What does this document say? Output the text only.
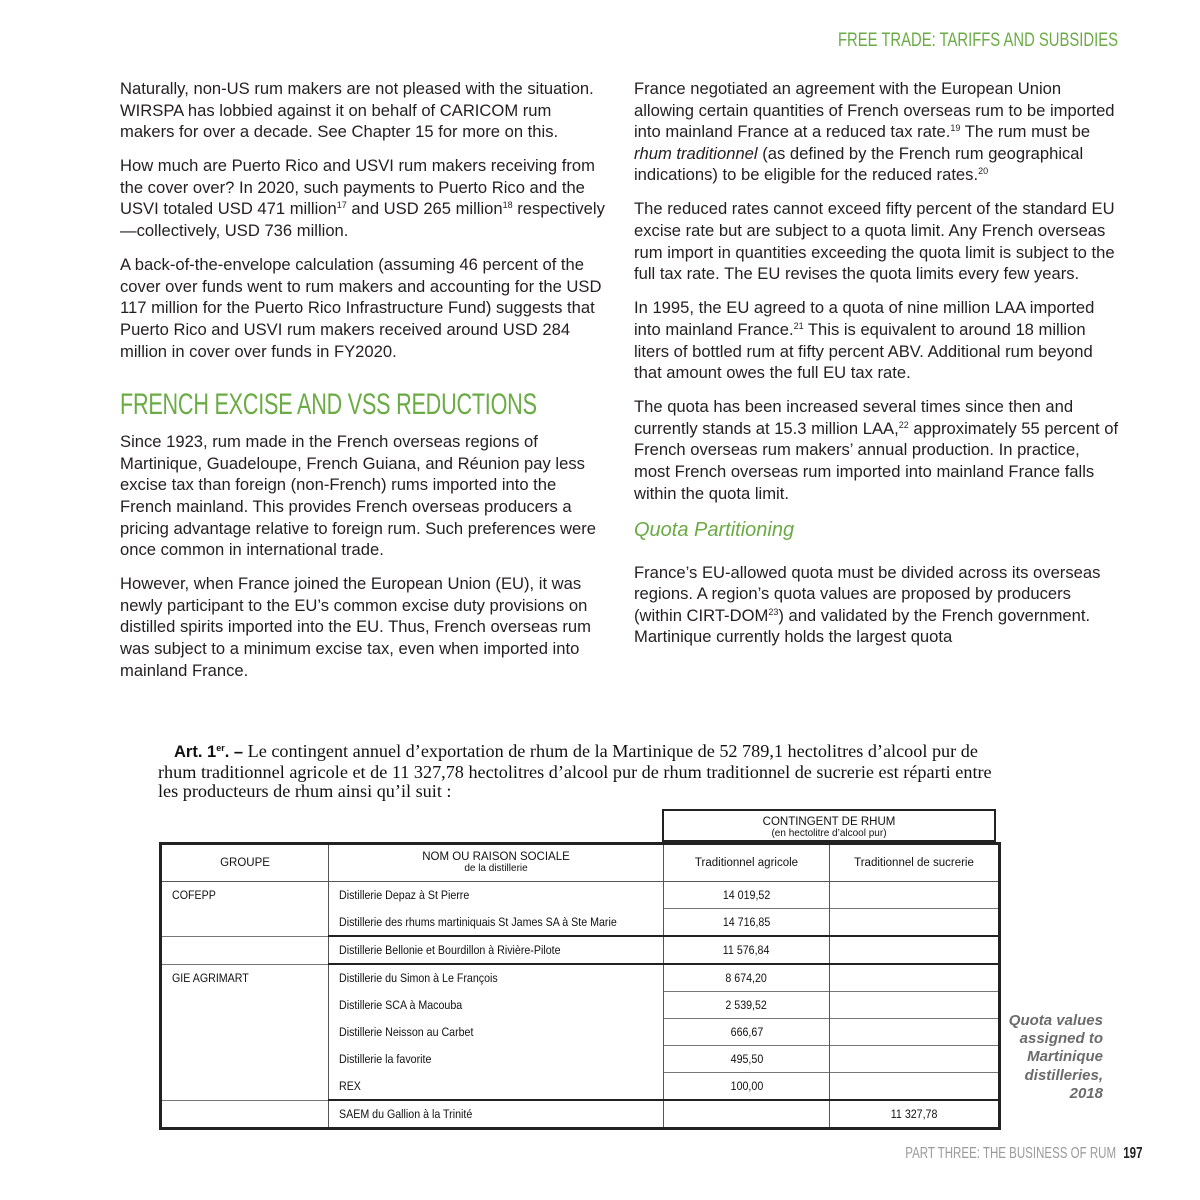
FREE TRADE: TARIFFS AND SUBSIDIES

Naturally, non-US rum makers are not pleased with the situation. WIRSPA has lobbied against it on behalf of CARICOM rum makers for over a decade. See Chapter 15 for more on this.

How much are Puerto Rico and USVI rum makers receiving from the cover over? In 2020, such payments to Puerto Rico and the USVI totaled USD 471 million$^{17}$ and USD 265 million$^{18}$ respectively—collectively, USD 736 million.

A back-of-the-envelope calculation (assuming 46 percent of the cover over funds went to rum makers and accounting for the USD 117 million for the Puerto Rico Infrastructure Fund) suggests that Puerto Rico and USVI rum makers received around USD 284 million in cover over funds in FY2020.

FRENCH EXCISE AND VSS REDUCTIONS

Since 1923, rum made in the French overseas regions of Martinique, Guadeloupe, French Guiana, and Réunion pay less excise tax than foreign (non-French) rums imported into the French mainland. This provides French overseas producers a pricing advantage relative to foreign rum. Such preferences were once common in international trade.

However, when France joined the European Union (EU), it was newly participant to the EU’s common excise duty provisions on distilled spirits imported into the EU. Thus, French overseas rum was subject to a minimum excise tax, even when imported into mainland France.

France negotiated an agreement with the European Union allowing certain quantities of French overseas rum to be imported into mainland France at a reduced tax rate.$^{19}$ The rum must be rhum traditionnel (as defined by the French rum geographical indications) to be eligible for the reduced rates.$^{20}$

The reduced rates cannot exceed fifty percent of the standard EU excise rate but are subject to a quota limit. Any French overseas rum import in quantities exceeding the quota limit is subject to the full tax rate. The EU revises the quota limits every few years.

In 1995, the EU agreed to a quota of nine million LAA imported into mainland France.$^{21}$ This is equivalent to around 18 million liters of bottled rum at fifty percent ABV. Additional rum beyond that amount owes the full EU tax rate.

The quota has been increased several times since then and currently stands at 15.3 million LAA,$^{22}$ approximately 55 percent of French overseas rum makers’ annual production. In practice, most French overseas rum imported into mainland France falls within the quota limit.

Quota Partitioning

France’s EU-allowed quota must be divided across its overseas regions. A region’s quota values are proposed by producers (within CIRT-DOM$^{23}$) and validated by the French government. Martinique currently holds the largest quota

Art. 1er. – Le contingent annuel d’exportation de rhum de la Martinique de 52 789,1 hectolitres d’alcool pur de rhum traditionnel agricole et de 11 327,78 hectolitres d’alcool pur de rhum traditionnel de sucrerie est réparti entre les producteurs de rhum ainsi qu’il suit :
CONTINGENT DE RHUM
(en hectolitre d’alcool pur)
GROUPE	NOM OU RAISON SOCIALE
de la distillerie	Traditionnel agricole	Traditionnel de sucrerie
COFEPP	Distillerie Depaz à St Pierre	14 019,52	
	Distillerie des rhums martiniquais St James SA à Ste Marie	14 716,85	
	Distillerie Bellonie et Bourdillon à Rivière-Pilote	11 576,84	
GIE AGRIMART	Distillerie du Simon à Le François	8 674,20	
	Distillerie SCA à Macouba	2 539,52	
	Distillerie Neisson au Carbet	666,67	
	Distillerie la favorite	495,50	
	REX	100,00	
	SAEM du Gallion à la Trinité		11 327,78
Quota values
assigned to
Martinique
distilleries,
2018
PART THREE: THE BUSINESS OF RUM 197
